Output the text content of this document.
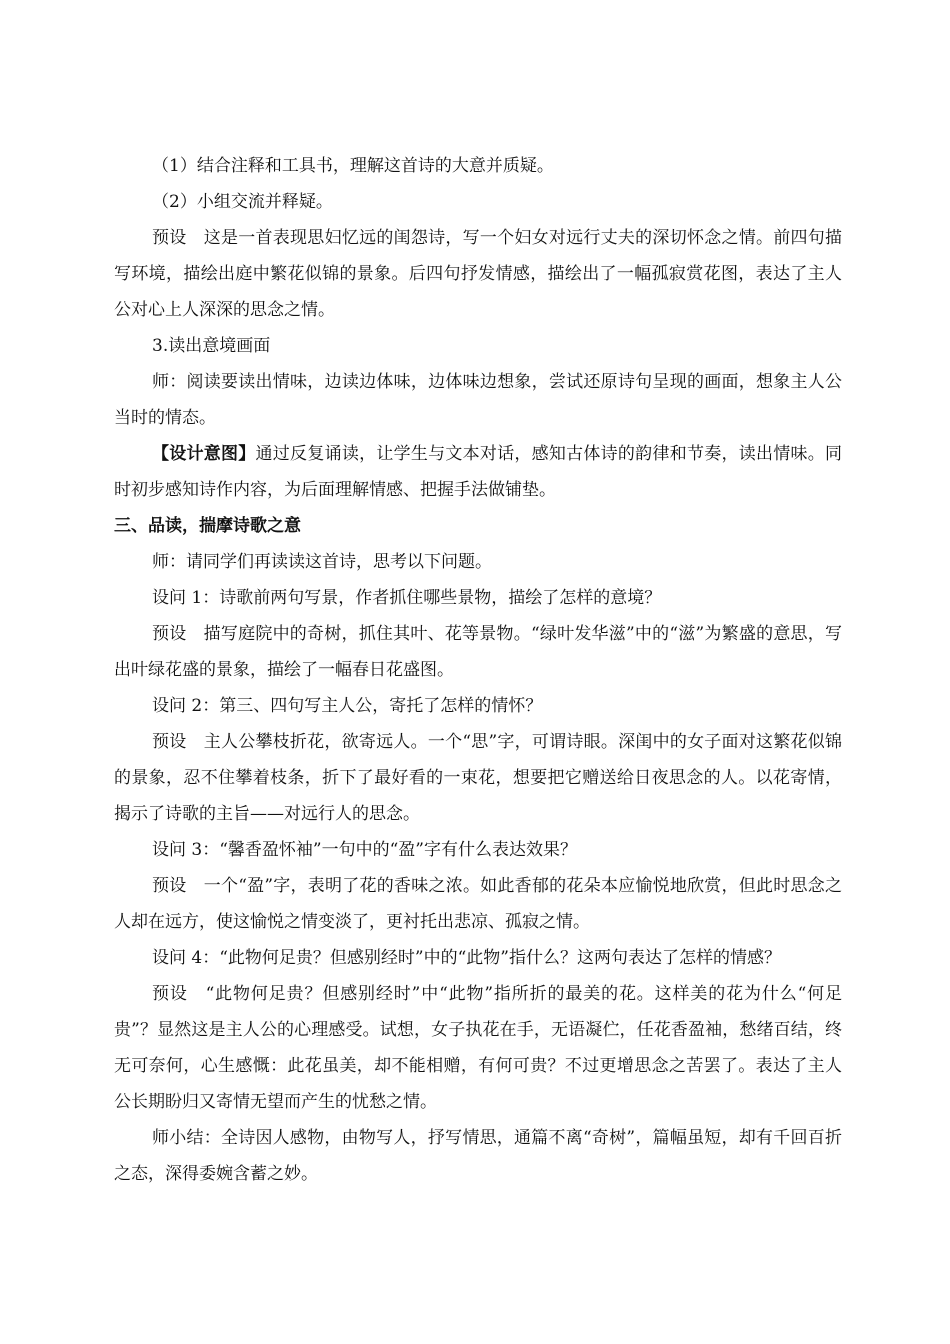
（1）结合注释和工具书，理解这首诗的大意并质疑。

（2）小组交流并释疑。

预设　这是一首表现思妇忆远的闺怨诗，写一个妇女对远行丈夫的深切怀念之情。前四句描写环境，描绘出庭中繁花似锦的景象。后四句抒发情感，描绘出了一幅孤寂赏花图，表达了主人公对心上人深深的思念之情。

3.读出意境画面

师：阅读要读出情味，边读边体味，边体味边想象，尝试还原诗句呈现的画面，想象主人公当时的情态。

【设计意图】通过反复诵读，让学生与文本对话，感知古体诗的韵律和节奏，读出情味。同时初步感知诗作内容，为后面理解情感、把握手法做铺垫。

三、品读，揣摩诗歌之意

师：请同学们再读读这首诗，思考以下问题。

设问 1：诗歌前两句写景，作者抓住哪些景物，描绘了怎样的意境？

预设　描写庭院中的奇树，抓住其叶、花等景物。“绿叶发华滋”中的“滋”为繁盛的意思，写出叶绿花盛的景象，描绘了一幅春日花盛图。

设问 2：第三、四句写主人公，寄托了怎样的情怀？

预设　主人公攀枝折花，欲寄远人。一个“思”字，可谓诗眼。深闺中的女子面对这繁花似锦的景象，忍不住攀着枝条，折下了最好看的一束花，想要把它赠送给日夜思念的人。以花寄情，揭示了诗歌的主旨——对远行人的思念。

设问 3：“馨香盈怀袖”一句中的“盈”字有什么表达效果？

预设　一个“盈”字，表明了花的香味之浓。如此香郁的花朵本应愉悦地欣赏，但此时思念之人却在远方，使这愉悦之情变淡了，更衬托出悲凉、孤寂之情。

设问 4：“此物何足贵？但感别经时”中的“此物”指什么？这两句表达了怎样的情感？

预设　“此物何足贵？但感别经时”中“此物”指所折的最美的花。这样美的花为什么“何足贵”？显然这是主人公的心理感受。试想，女子执花在手，无语凝伫，任花香盈袖，愁绪百结，终无可奈何，心生感慨：此花虽美，却不能相赠，有何可贵？不过更增思念之苦罢了。表达了主人公长期盼归又寄情无望而产生的忧愁之情。

师小结：全诗因人感物，由物写人，抒写情思，通篇不离“奇树”，篇幅虽短，却有千回百折之态，深得委婉含蓄之妙。
